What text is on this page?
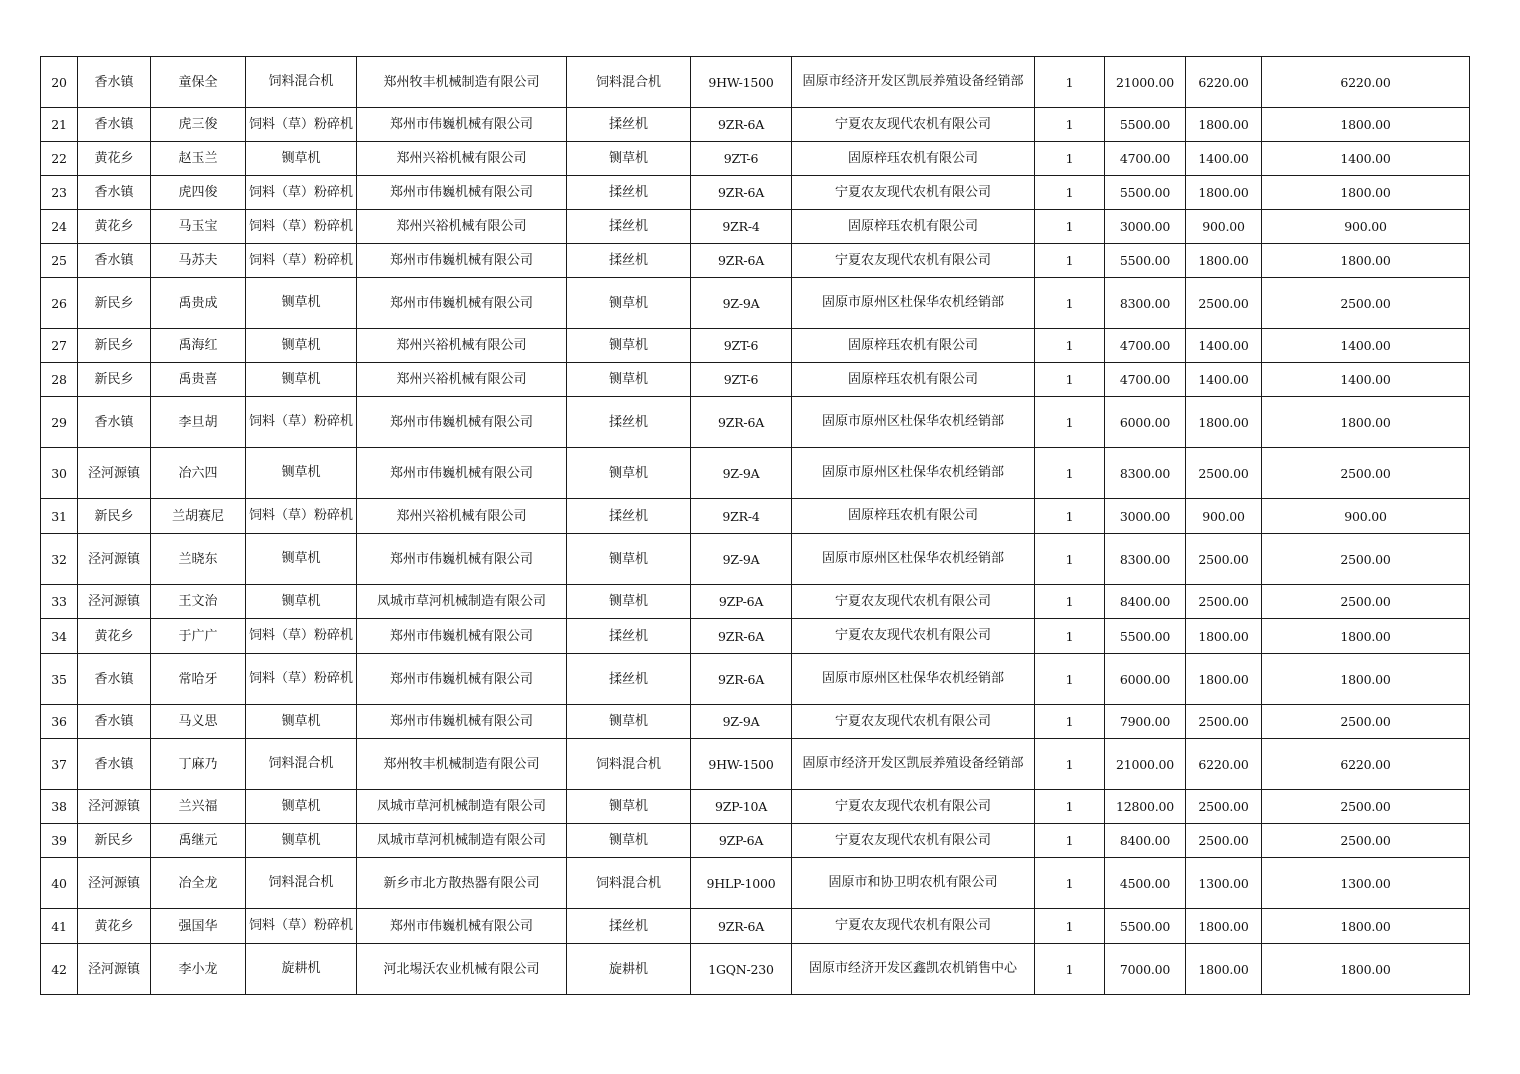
20	香水镇	童保全	饲料混合机	郑州牧丰机械制造有限公司	饲料混合机	9HW-1500	固原市经济开发区凯辰养殖设备经销部	1	21000.00	6220.00	6220.00
21	香水镇	虎三俊	饲料（草）粉碎机	郑州市伟巍机械有限公司	揉丝机	9ZR-6A	宁夏农友现代农机有限公司	1	5500.00	1800.00	1800.00
22	黄花乡	赵玉兰	铡草机	郑州兴裕机械有限公司	铡草机	9ZT-6	固原梓珏农机有限公司	1	4700.00	1400.00	1400.00
23	香水镇	虎四俊	饲料（草）粉碎机	郑州市伟巍机械有限公司	揉丝机	9ZR-6A	宁夏农友现代农机有限公司	1	5500.00	1800.00	1800.00
24	黄花乡	马玉宝	饲料（草）粉碎机	郑州兴裕机械有限公司	揉丝机	9ZR-4	固原梓珏农机有限公司	1	3000.00	900.00	900.00
25	香水镇	马苏夫	饲料（草）粉碎机	郑州市伟巍机械有限公司	揉丝机	9ZR-6A	宁夏农友现代农机有限公司	1	5500.00	1800.00	1800.00
26	新民乡	禹贵成	铡草机	郑州市伟巍机械有限公司	铡草机	9Z-9A	固原市原州区杜保华农机经销部	1	8300.00	2500.00	2500.00
27	新民乡	禹海红	铡草机	郑州兴裕机械有限公司	铡草机	9ZT-6	固原梓珏农机有限公司	1	4700.00	1400.00	1400.00
28	新民乡	禹贵喜	铡草机	郑州兴裕机械有限公司	铡草机	9ZT-6	固原梓珏农机有限公司	1	4700.00	1400.00	1400.00
29	香水镇	李旦胡	饲料（草）粉碎机	郑州市伟巍机械有限公司	揉丝机	9ZR-6A	固原市原州区杜保华农机经销部	1	6000.00	1800.00	1800.00
30	泾河源镇	冶六四	铡草机	郑州市伟巍机械有限公司	铡草机	9Z-9A	固原市原州区杜保华农机经销部	1	8300.00	2500.00	2500.00
31	新民乡	兰胡赛尼	饲料（草）粉碎机	郑州兴裕机械有限公司	揉丝机	9ZR-4	固原梓珏农机有限公司	1	3000.00	900.00	900.00
32	泾河源镇	兰晓东	铡草机	郑州市伟巍机械有限公司	铡草机	9Z-9A	固原市原州区杜保华农机经销部	1	8300.00	2500.00	2500.00
33	泾河源镇	王文治	铡草机	凤城市草河机械制造有限公司	铡草机	9ZP-6A	宁夏农友现代农机有限公司	1	8400.00	2500.00	2500.00
34	黄花乡	于广广	饲料（草）粉碎机	郑州市伟巍机械有限公司	揉丝机	9ZR-6A	宁夏农友现代农机有限公司	1	5500.00	1800.00	1800.00
35	香水镇	常哈牙	饲料（草）粉碎机	郑州市伟巍机械有限公司	揉丝机	9ZR-6A	固原市原州区杜保华农机经销部	1	6000.00	1800.00	1800.00
36	香水镇	马义思	铡草机	郑州市伟巍机械有限公司	铡草机	9Z-9A	宁夏农友现代农机有限公司	1	7900.00	2500.00	2500.00
37	香水镇	丁麻乃	饲料混合机	郑州牧丰机械制造有限公司	饲料混合机	9HW-1500	固原市经济开发区凯辰养殖设备经销部	1	21000.00	6220.00	6220.00
38	泾河源镇	兰兴福	铡草机	凤城市草河机械制造有限公司	铡草机	9ZP-10A	宁夏农友现代农机有限公司	1	12800.00	2500.00	2500.00
39	新民乡	禹继元	铡草机	凤城市草河机械制造有限公司	铡草机	9ZP-6A	宁夏农友现代农机有限公司	1	8400.00	2500.00	2500.00
40	泾河源镇	冶全龙	饲料混合机	新乡市北方散热器有限公司	饲料混合机	9HLP-1000	固原市和协卫明农机有限公司	1	4500.00	1300.00	1300.00
41	黄花乡	强国华	饲料（草）粉碎机	郑州市伟巍机械有限公司	揉丝机	9ZR-6A	宁夏农友现代农机有限公司	1	5500.00	1800.00	1800.00
42	泾河源镇	李小龙	旋耕机	河北埸沃农业机械有限公司	旋耕机	1GQN-230	固原市经济开发区鑫凯农机销售中心	1	7000.00	1800.00	1800.00
